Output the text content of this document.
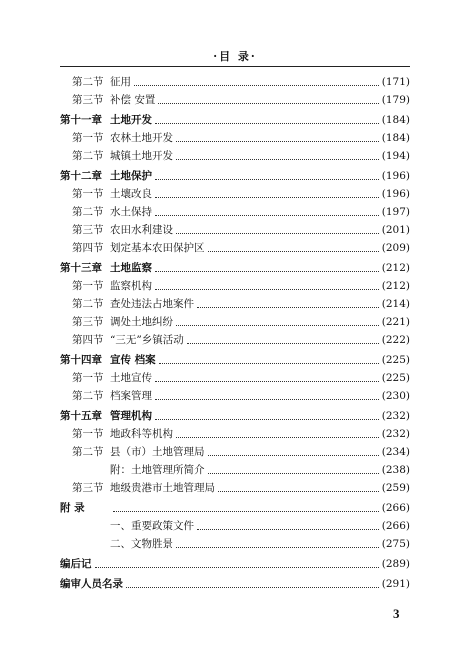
·目 录·
第二节 征用	(171)
第三节 补偿 安置	(179)
第十一章 土地开发	(184)
第一节 农林土地开发	(184)
第二节 城镇土地开发	(194)
第十二章 土地保护	(196)
第一节 土壤改良	(196)
第二节 水土保持	(197)
第三节 农田水利建设	(201)
第四节 划定基本农田保护区	(209)
第十三章 土地监察	(212)
第一节 监察机构	(212)
第二节 查处违法占地案件	(214)
第三节 调处土地纠纷	(221)
第四节 “三无”乡镇活动	(222)
第十四章 宣传 档案	(225)
第一节 土地宣传	(225)
第二节 档案管理	(230)
第十五章 管理机构	(232)
第一节 地政科等机构	(232)
第二节 县（市）土地管理局	(234)
附：土地管理所简介	(238)
第三节 地级贵港市土地管理局	(259)
附 录	(266)
一、重要政策文件	(266)
二、文物胜景	(275)
编后记	(289)
编审人员名录	(291)
3
